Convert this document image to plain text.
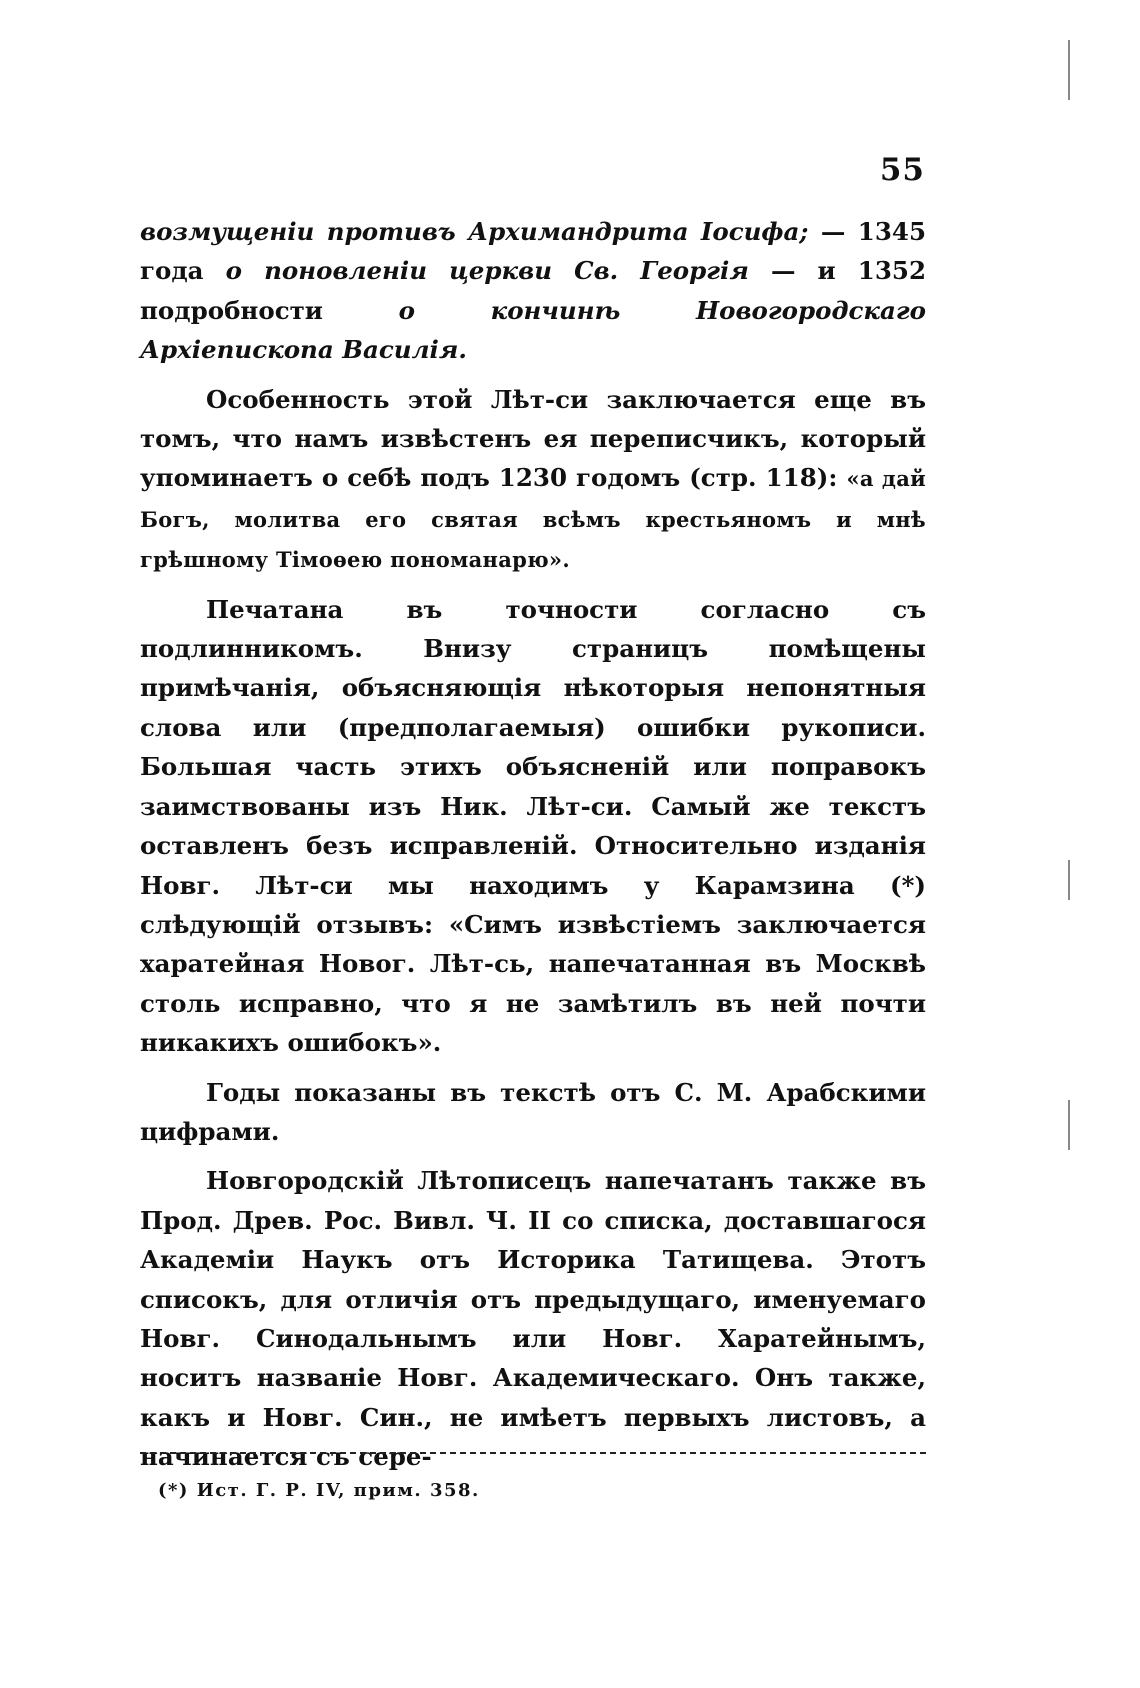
55

возмущеніи противъ Архимандрита Іосифа; — 1345 года о поновленіи церкви Св. Георгія — и 1352 подробности о кончинѣ Новогородскаго Архіепископа Василія.

Особенность этой Лѣт-си заключается еще въ томъ, что намъ извѣстенъ ея переписчикъ, который упоминаетъ о себѣ подъ 1230 годомъ (стр. 118): «а дай Богъ, молитва его святая всѣмъ крестьяномъ и мнѣ грѣшному Тімоѳею пономанарю».

Печатана въ точности согласно съ подлинникомъ. Внизу страницъ помѣщены примѣчанія, объясняющія нѣкоторыя непонятныя слова или (предполагаемыя) ошибки рукописи. Большая часть этихъ объясненій или поправокъ заимствованы изъ Ник. Лѣт-си. Самый же текстъ оставленъ безъ исправленій. Относительно изданія Новг. Лѣт-си мы находимъ у Карамзина (*) слѣдующій отзывъ: «Симъ извѣстіемъ заключается харатейная Новог. Лѣт-сь, напечатанная въ Москвѣ столь исправно, что я не замѣтилъ въ ней почти никакихъ ошибокъ».

Годы показаны въ текстѣ отъ С. М. Арабскими цифрами.

Новгородскій Лѣтописецъ напечатанъ также въ Прод. Древ. Рос. Вивл. Ч. II со списка, доставшагося Академіи Наукъ отъ Историка Татищева. Этотъ списокъ, для отличія отъ предыдущаго, именуемаго Новг. Синодальнымъ или Новг. Харатейнымъ, носитъ названіе Новг. Академическаго. Онъ также, какъ и Новг. Син., не имѣетъ первыхъ листовъ, а начинается съ сере-

(*) Ист. Г. Р. IV, прим. 358.
